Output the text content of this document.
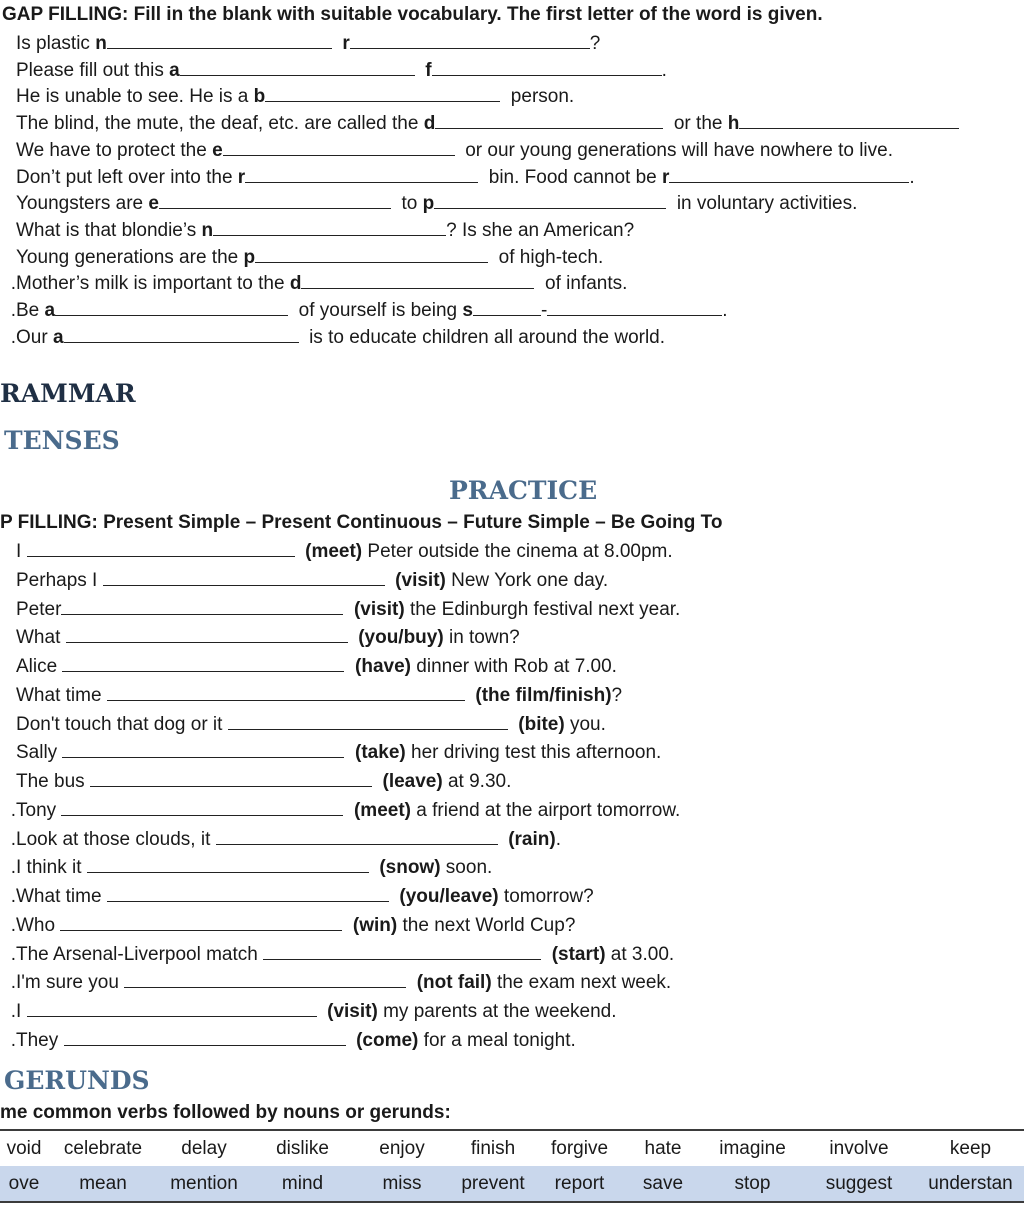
GAP FILLING: Fill in the blank with suitable vocabulary. The first letter of the word is given.
Is plastic n	r	?
Please fill out this a	f	.
He is unable to see. He is a b	person.
The blind, the mute, the deaf, etc. are called the d	or the h
We have to protect the e	or our young generations will have nowhere to live.
Don’t put left over into the r	bin. Food cannot be r	.
Youngsters are e	to p	in voluntary activities.
What is that blondie’s n	? Is she an American?
Young generations are the p	of high-tech.
.Mother’s milk is important to the d	of infants.
.Be a	of yourself is being s	-	.
.Our a	is to educate children all around the world.
RAMMAR
TENSES
PRACTICE
P FILLING: Present Simple – Present Continuous – Future Simple – Be Going To
I	(meet) Peter outside the cinema at 8.00pm.
Perhaps I	(visit) New York one day.
Peter	(visit) the Edinburgh festival next year.
What	(you/buy) in town?
Alice	(have) dinner with Rob at 7.00.
What time	(the film/finish)?
Don't touch that dog or it	(bite) you.
Sally	(take) her driving test this afternoon.
The bus	(leave) at 9.30.
.Tony	(meet) a friend at the airport tomorrow.
.Look at those clouds, it	(rain).
.I think it	(snow) soon.
.What time	(you/leave) tomorrow?
.Who	(win) the next World Cup?
.The Arsenal-Liverpool match	(start) at 3.00.
.I'm sure you	(not fail) the exam next week.
.I	(visit) my parents at the weekend.
.They	(come) for a meal tonight.
GERUNDS
me common verbs followed by nouns or gerunds:
void	celebrate	delay	dislike	enjoy	finish	forgive	hate	imagine	involve	keep
ove	mean	mention	mind	miss	prevent	report	save	stop	suggest	understan
